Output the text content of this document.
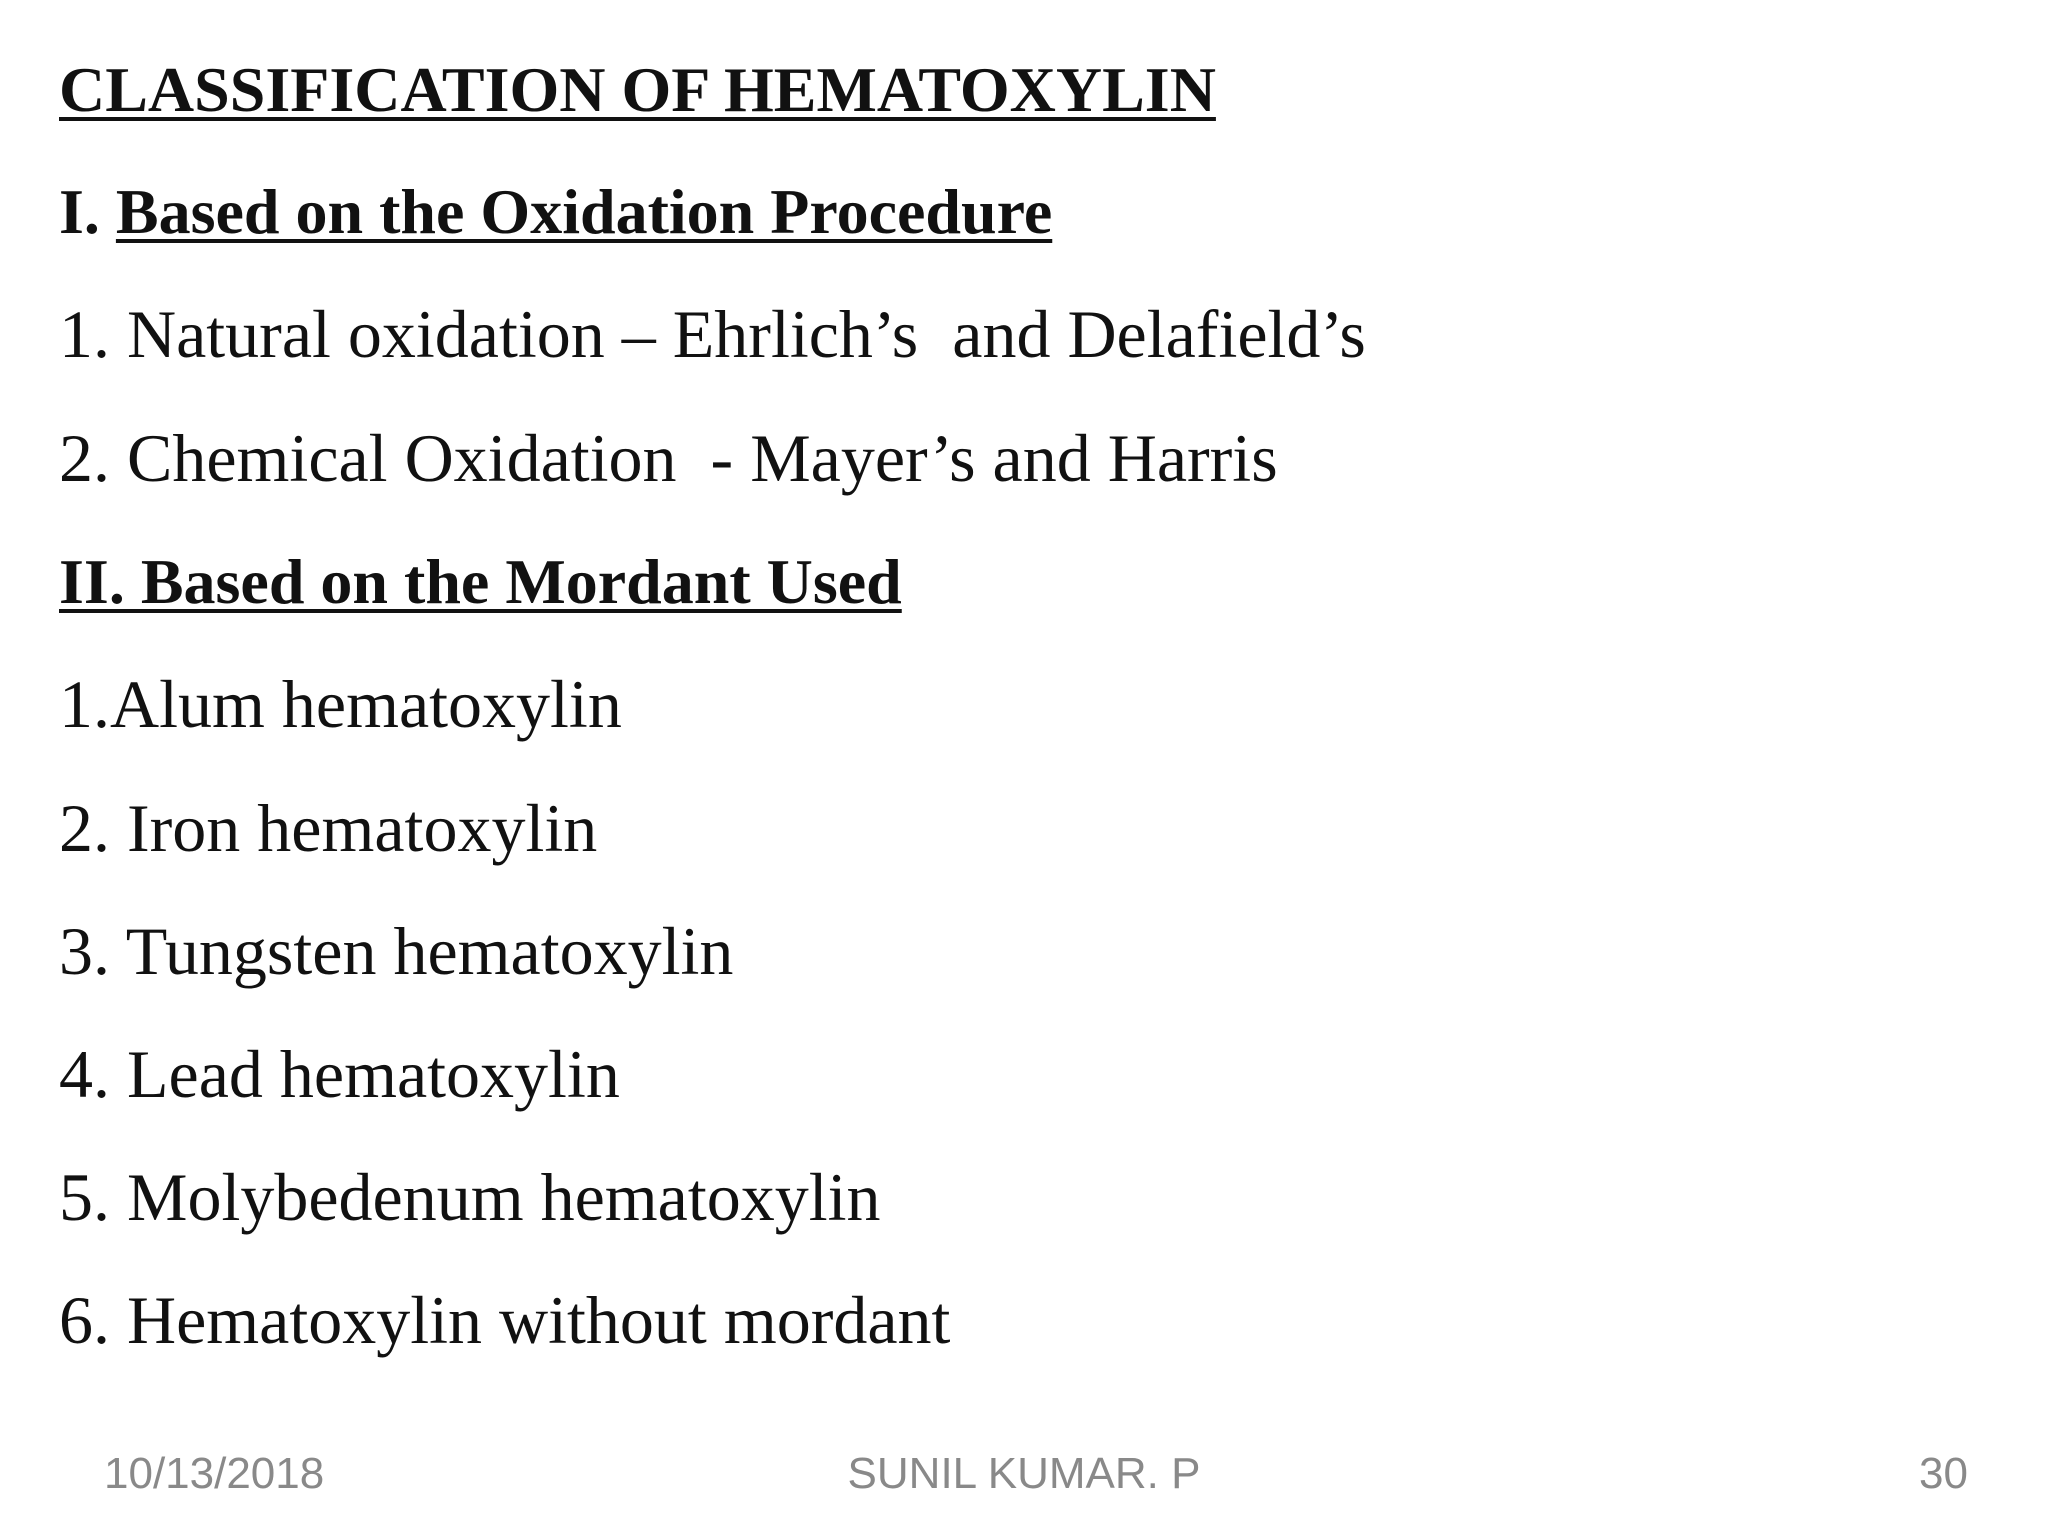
CLASSIFICATION OF HEMATOXYLIN

I. Based on the Oxidation Procedure

1. Natural oxidation – Ehrlich’s  and Delafield’s

2. Chemical Oxidation  - Mayer’s and Harris

II. Based on the Mordant Used

1.Alum hematoxylin

2. Iron hematoxylin

3. Tungsten hematoxylin

4. Lead hematoxylin

5. Molybedenum hematoxylin

6. Hematoxylin without mordant

10/13/2018	SUNIL KUMAR. P	30
